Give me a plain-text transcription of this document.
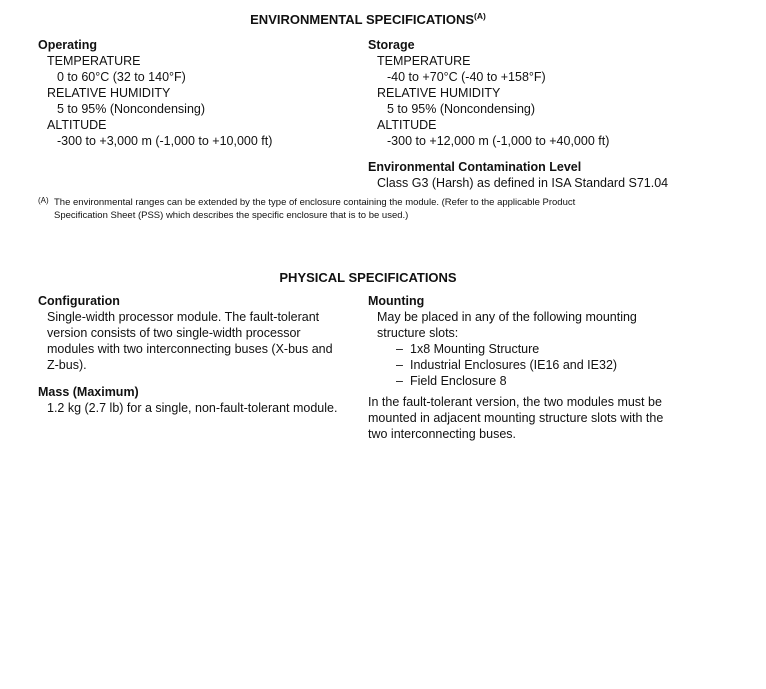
ENVIRONMENTAL $SPECIFICATIONS^{(A)}$
Operating
TEMPERATURE
0 to 60°C (32 to 140°F)
RELATIVE HUMIDITY
5 to 95% (Noncondensing)
ALTITUDE
-300 to +3,000 m (-1,000 to +10,000 ft)
Storage
TEMPERATURE
-40 to +70°C (-40 to +158°F)
RELATIVE HUMIDITY
5 to 95% (Noncondensing)
ALTITUDE
-300 to +12,000 m (-1,000 to +40,000 ft)
Environmental Contamination Level
Class G3 (Harsh) as defined in ISA Standard S71.04
(A) The environmental ranges can be extended by the type of enclosure containing the module. (Refer to the applicable Product
Specification Sheet (PSS) which describes the specific enclosure that is to be used.)
PHYSICAL SPECIFICATIONS
Configuration
Single-width processor module. The fault-tolerant
version consists of two single-width processor
modules with two interconnecting buses (X-bus and
Z-bus).
Mass (Maximum)
1.2 kg (2.7 lb) for a single, non-fault-tolerant module.
Mounting
May be placed in any of the following mounting
structure slots:
– 1x8 Mounting Structure
– Industrial Enclosures (IE16 and IE32)
– Field Enclosure 8
In the fault-tolerant version, the two modules must be
mounted in adjacent mounting structure slots with the
two interconnecting buses.
